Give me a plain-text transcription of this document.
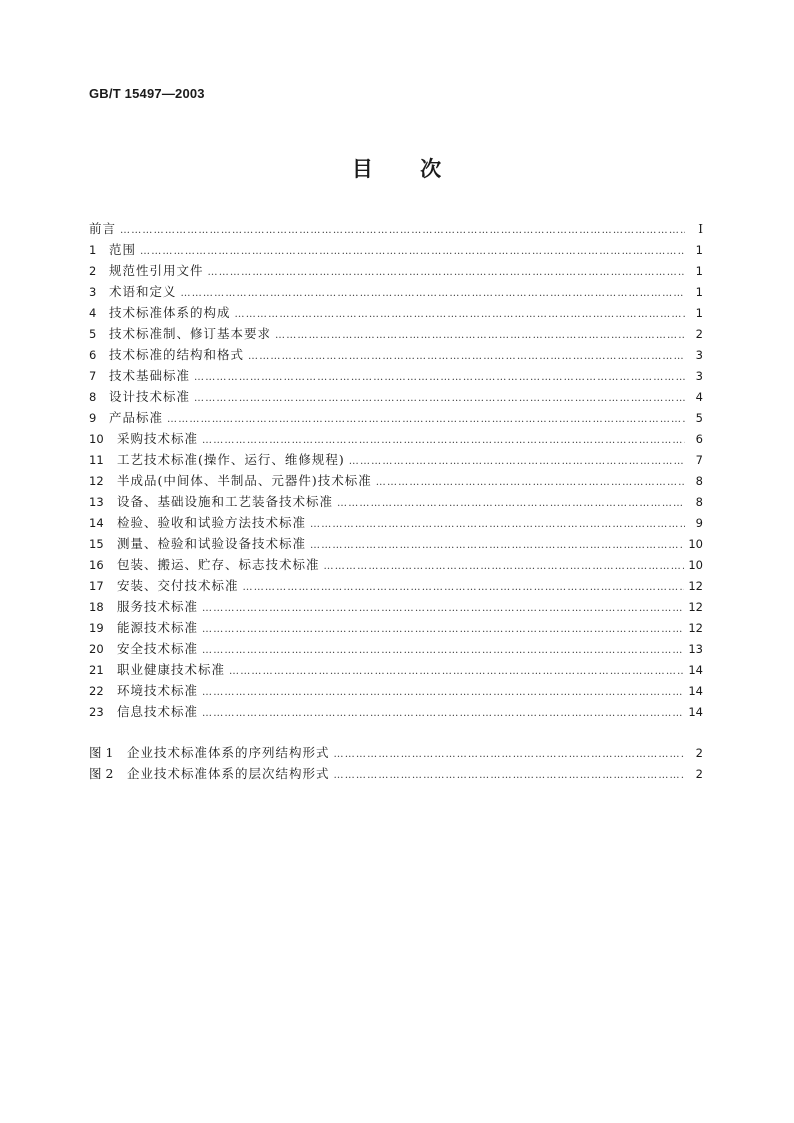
GB/T 15497—2003
目 次
前言 ……………………………………………………………………………………………………………………………………………………	I
1	范围 ……………………………………………………………………………………………………………………………………………………	1
2	规范性引用文件 ……………………………………………………………………………………………………………………………………………………	1
3	术语和定义 ……………………………………………………………………………………………………………………………………………………	1
4	技术标准体系的构成 ……………………………………………………………………………………………………………………………………………………	1
5	技术标准制、修订基本要求 ……………………………………………………………………………………………………………………………………………………	2
6	技术标准的结构和格式 ……………………………………………………………………………………………………………………………………………………	3
7	技术基础标准 ……………………………………………………………………………………………………………………………………………………	3
8	设计技术标准 ……………………………………………………………………………………………………………………………………………………	4
9	产品标准 ……………………………………………………………………………………………………………………………………………………	5
10	采购技术标准 ……………………………………………………………………………………………………………………………………………………	6
11	工艺技术标准(操作、运行、维修规程) ……………………………………………………………………………………………………………………………………………………	7
12	半成品(中间体、半制品、元器件)技术标准 ……………………………………………………………………………………………………………………………………………………	8
13	设备、基础设施和工艺装备技术标准 ……………………………………………………………………………………………………………………………………………………	8
14	检验、验收和试验方法技术标准 ……………………………………………………………………………………………………………………………………………………	9
15	测量、检验和试验设备技术标准 ……………………………………………………………………………………………………………………………………………………	10
16	包装、搬运、贮存、标志技术标准 ……………………………………………………………………………………………………………………………………………………	10
17	安装、交付技术标准 ……………………………………………………………………………………………………………………………………………………	12
18	服务技术标准 ……………………………………………………………………………………………………………………………………………………	12
19	能源技术标准 ……………………………………………………………………………………………………………………………………………………	12
20	安全技术标准 ……………………………………………………………………………………………………………………………………………………	13
21	职业健康技术标准 ……………………………………………………………………………………………………………………………………………………	14
22	环境技术标准 ……………………………………………………………………………………………………………………………………………………	14
23	信息技术标准 ……………………………………………………………………………………………………………………………………………………	14
图 1	企业技术标准体系的序列结构形式 ……………………………………………………………………………………………………………………………………………………	2
图 2	企业技术标准体系的层次结构形式 ……………………………………………………………………………………………………………………………………………………	2
